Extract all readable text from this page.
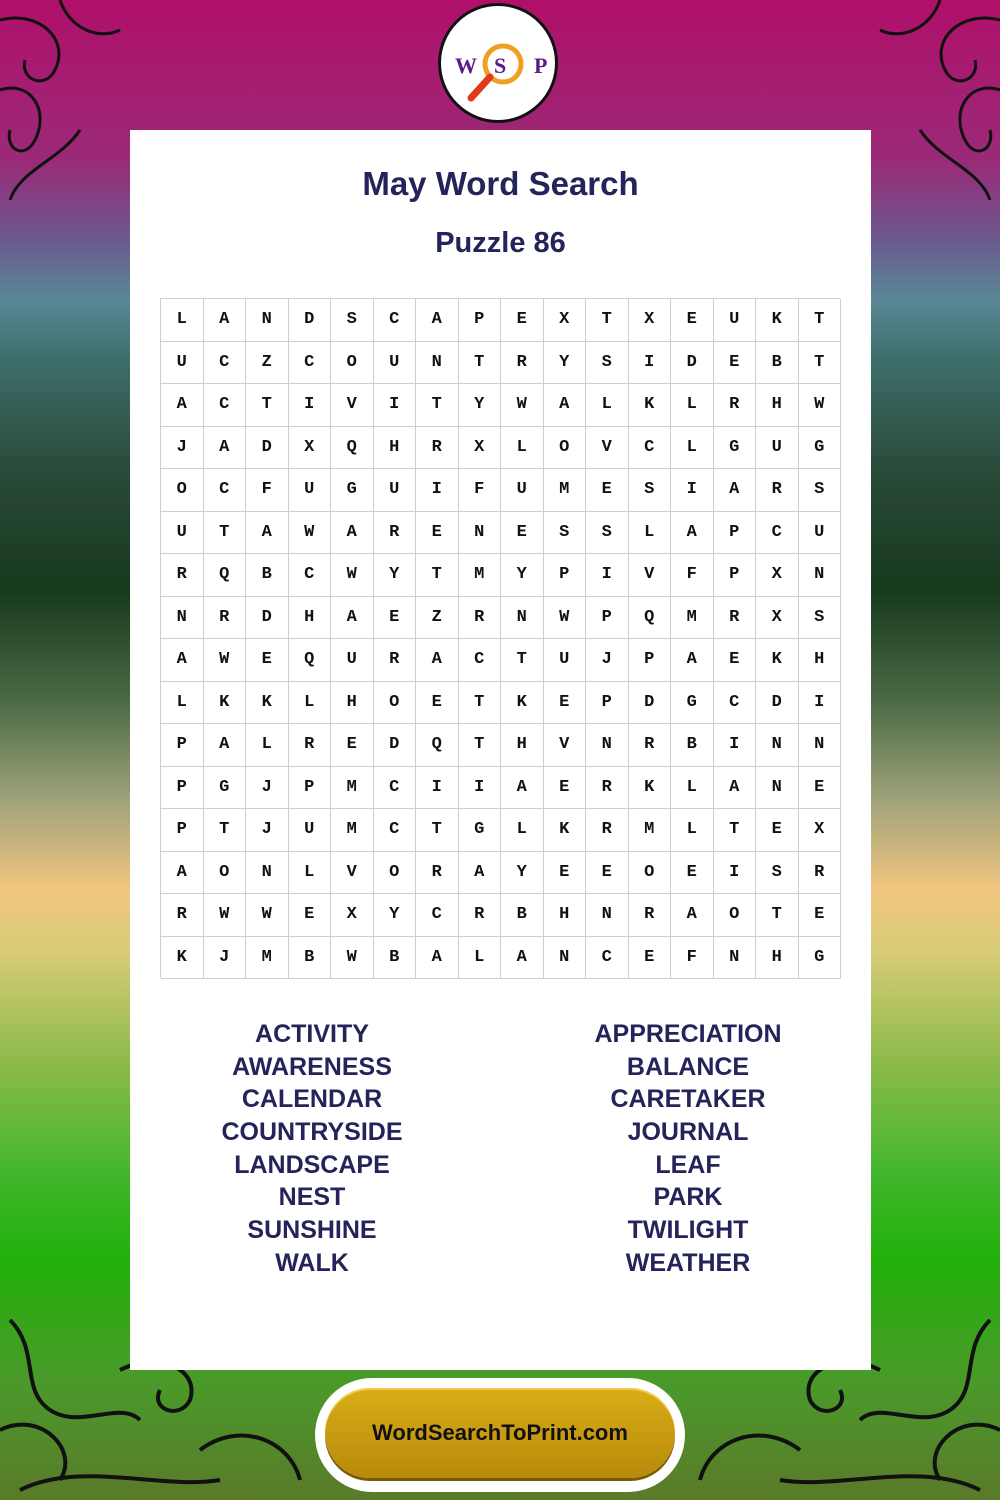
W S P
May Word Search
Puzzle 86
L	A	N	D	S	C	A	P	E	X	T	X	E	U	K	T
U	C	Z	C	O	U	N	T	R	Y	S	I	D	E	B	T
A	C	T	I	V	I	T	Y	W	A	L	K	L	R	H	W
J	A	D	X	Q	H	R	X	L	O	V	C	L	G	U	G
O	C	F	U	G	U	I	F	U	M	E	S	I	A	R	S
U	T	A	W	A	R	E	N	E	S	S	L	A	P	C	U
R	Q	B	C	W	Y	T	M	Y	P	I	V	F	P	X	N
N	R	D	H	A	E	Z	R	N	W	P	Q	M	R	X	S
A	W	E	Q	U	R	A	C	T	U	J	P	A	E	K	H
L	K	K	L	H	O	E	T	K	E	P	D	G	C	D	I
P	A	L	R	E	D	Q	T	H	V	N	R	B	I	N	N
P	G	J	P	M	C	I	I	A	E	R	K	L	A	N	E
P	T	J	U	M	C	T	G	L	K	R	M	L	T	E	X
A	O	N	L	V	O	R	A	Y	E	E	O	E	I	S	R
R	W	W	E	X	Y	C	R	B	H	N	R	A	O	T	E
K	J	M	B	W	B	A	L	A	N	C	E	F	N	H	G
ACTIVITY
AWARENESS
CALENDAR
COUNTRYSIDE
LANDSCAPE
NEST
SUNSHINE
WALK
APPRECIATION
BALANCE
CARETAKER
JOURNAL
LEAF
PARK
TWILIGHT
WEATHER
WordSearchToPrint.com
